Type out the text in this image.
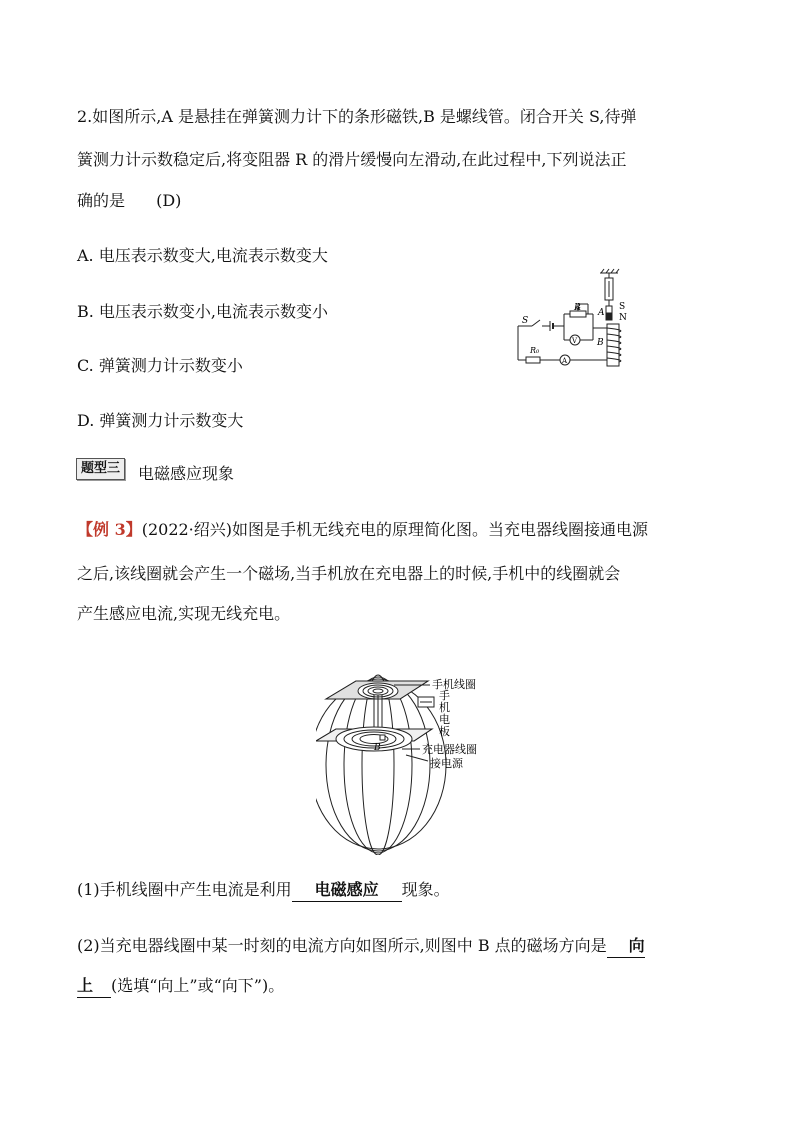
2.如图所示,A 是悬挂在弹簧测力计下的条形磁铁,B 是螺线管。闭合开关 S,待弹
簧测力计示数稳定后,将变阻器 R 的滑片缓慢向左滑动,在此过程中,下列说法正
确的是 (D)
A. 电压表示数变大,电流表示数变大
B. 电压表示数变小,电流表示数变小
C. 弹簧测力计示数变小
D. 弹簧测力计示数变大
S
R A
S
N
B
R₀
V
A
题型三	电磁感应现象
【例 3】(2022·绍兴)如图是手机无线充电的原理简化图。当充电器线圈接通电源
之后,该线圈就会产生一个磁场,当手机放在充电器上的时候,手机中的线圈就会
产生感应电流,实现无线充电。
手机线圈
手
机
电
板
充电器线圈
接电源
B
(1)手机线圈中产生电流是利用 电磁感应 现象。
(2)当充电器线圈中某一时刻的电流方向如图所示,则图中 B 点的磁场方向是 向
上 (选填“向上”或“向下”)。
